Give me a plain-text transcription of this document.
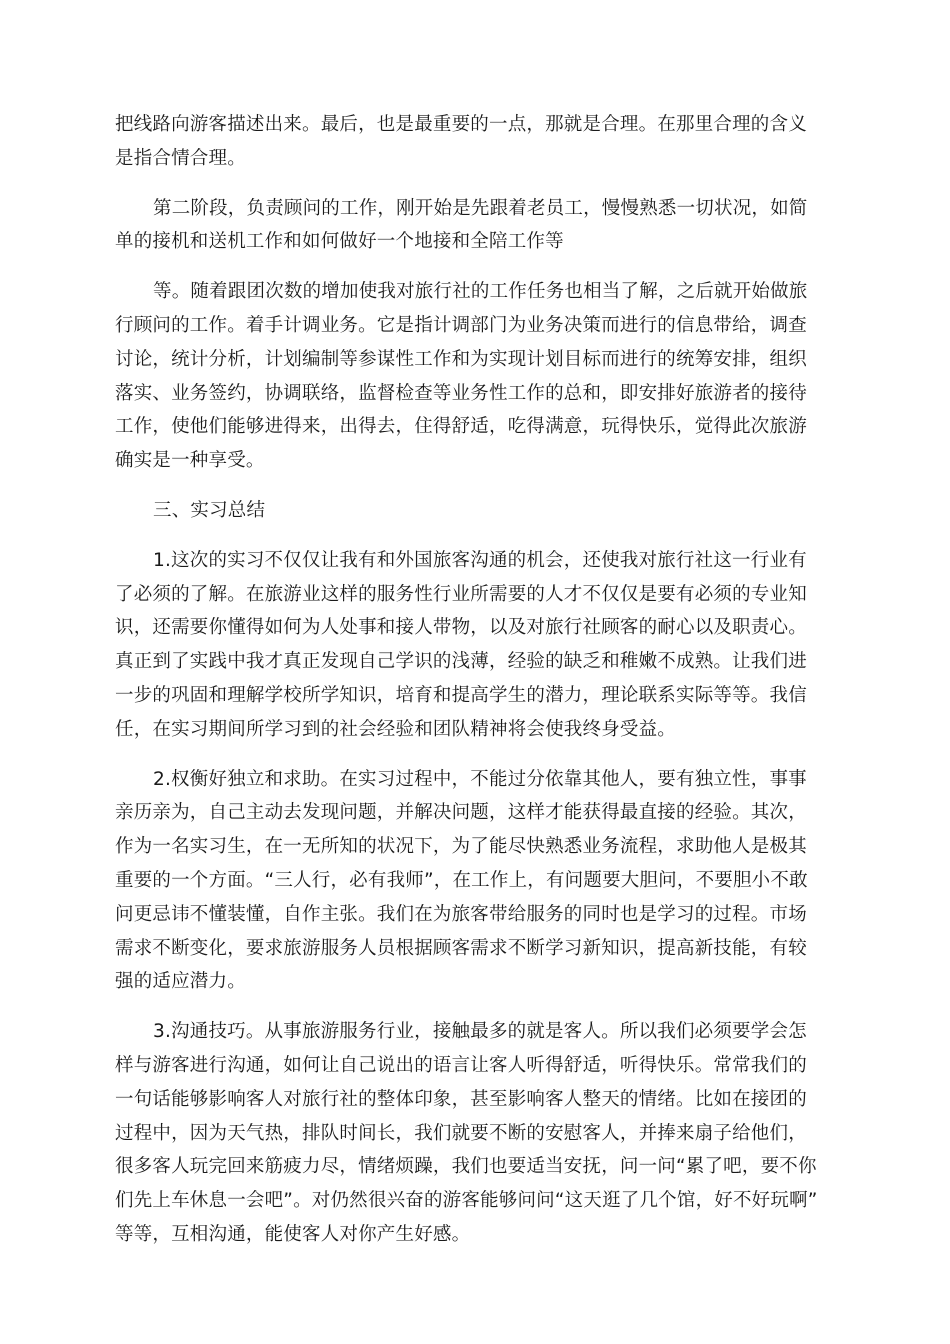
把线路向游客描述出来。最后，也是最重要的一点，那就是合理。在那里合理的含义
是指合情合理。
第二阶段，负责顾问的工作，刚开始是先跟着老员工，慢慢熟悉一切状况，如简
单的接机和送机工作和如何做好一个地接和全陪工作等
等。随着跟团次数的增加使我对旅行社的工作任务也相当了解，之后就开始做旅
行顾问的工作。着手计调业务。它是指计调部门为业务决策而进行的信息带给，调查
讨论，统计分析，计划编制等参谋性工作和为实现计划目标而进行的统筹安排，组织
落实、业务签约，协调联络，监督检查等业务性工作的总和，即安排好旅游者的接待
工作，使他们能够进得来，出得去，住得舒适，吃得满意，玩得快乐，觉得此次旅游
确实是一种享受。
三、实习总结
1.这次的实习不仅仅让我有和外国旅客沟通的机会，还使我对旅行社这一行业有
了必须的了解。在旅游业这样的服务性行业所需要的人才不仅仅是要有必须的专业知
识，还需要你懂得如何为人处事和接人带物，以及对旅行社顾客的耐心以及职责心。
真正到了实践中我才真正发现自己学识的浅薄，经验的缺乏和稚嫩不成熟。让我们进
一步的巩固和理解学校所学知识，培育和提高学生的潜力，理论联系实际等等。我信
任，在实习期间所学习到的社会经验和团队精神将会使我终身受益。
2.权衡好独立和求助。在实习过程中，不能过分依靠其他人，要有独立性，事事
亲历亲为，自己主动去发现问题，并解决问题，这样才能获得最直接的经验。其次，
作为一名实习生，在一无所知的状况下，为了能尽快熟悉业务流程，求助他人是极其
重要的一个方面。“三人行，必有我师”，在工作上，有问题要大胆问，不要胆小不敢
问更忌讳不懂装懂，自作主张。我们在为旅客带给服务的同时也是学习的过程。市场
需求不断变化，要求旅游服务人员根据顾客需求不断学习新知识，提高新技能，有较
强的适应潜力。
3.沟通技巧。从事旅游服务行业，接触最多的就是客人。所以我们必须要学会怎
样与游客进行沟通，如何让自己说出的语言让客人听得舒适，听得快乐。常常我们的
一句话能够影响客人对旅行社的整体印象，甚至影响客人整天的情绪。比如在接团的
过程中，因为天气热，排队时间长，我们就要不断的安慰客人，并捧来扇子给他们，
很多客人玩完回来筋疲力尽，情绪烦躁，我们也要适当安抚，问一问“累了吧，要不你
们先上车休息一会吧”。对仍然很兴奋的游客能够问问“这天逛了几个馆，好不好玩啊”
等等，互相沟通，能使客人对你产生好感。
